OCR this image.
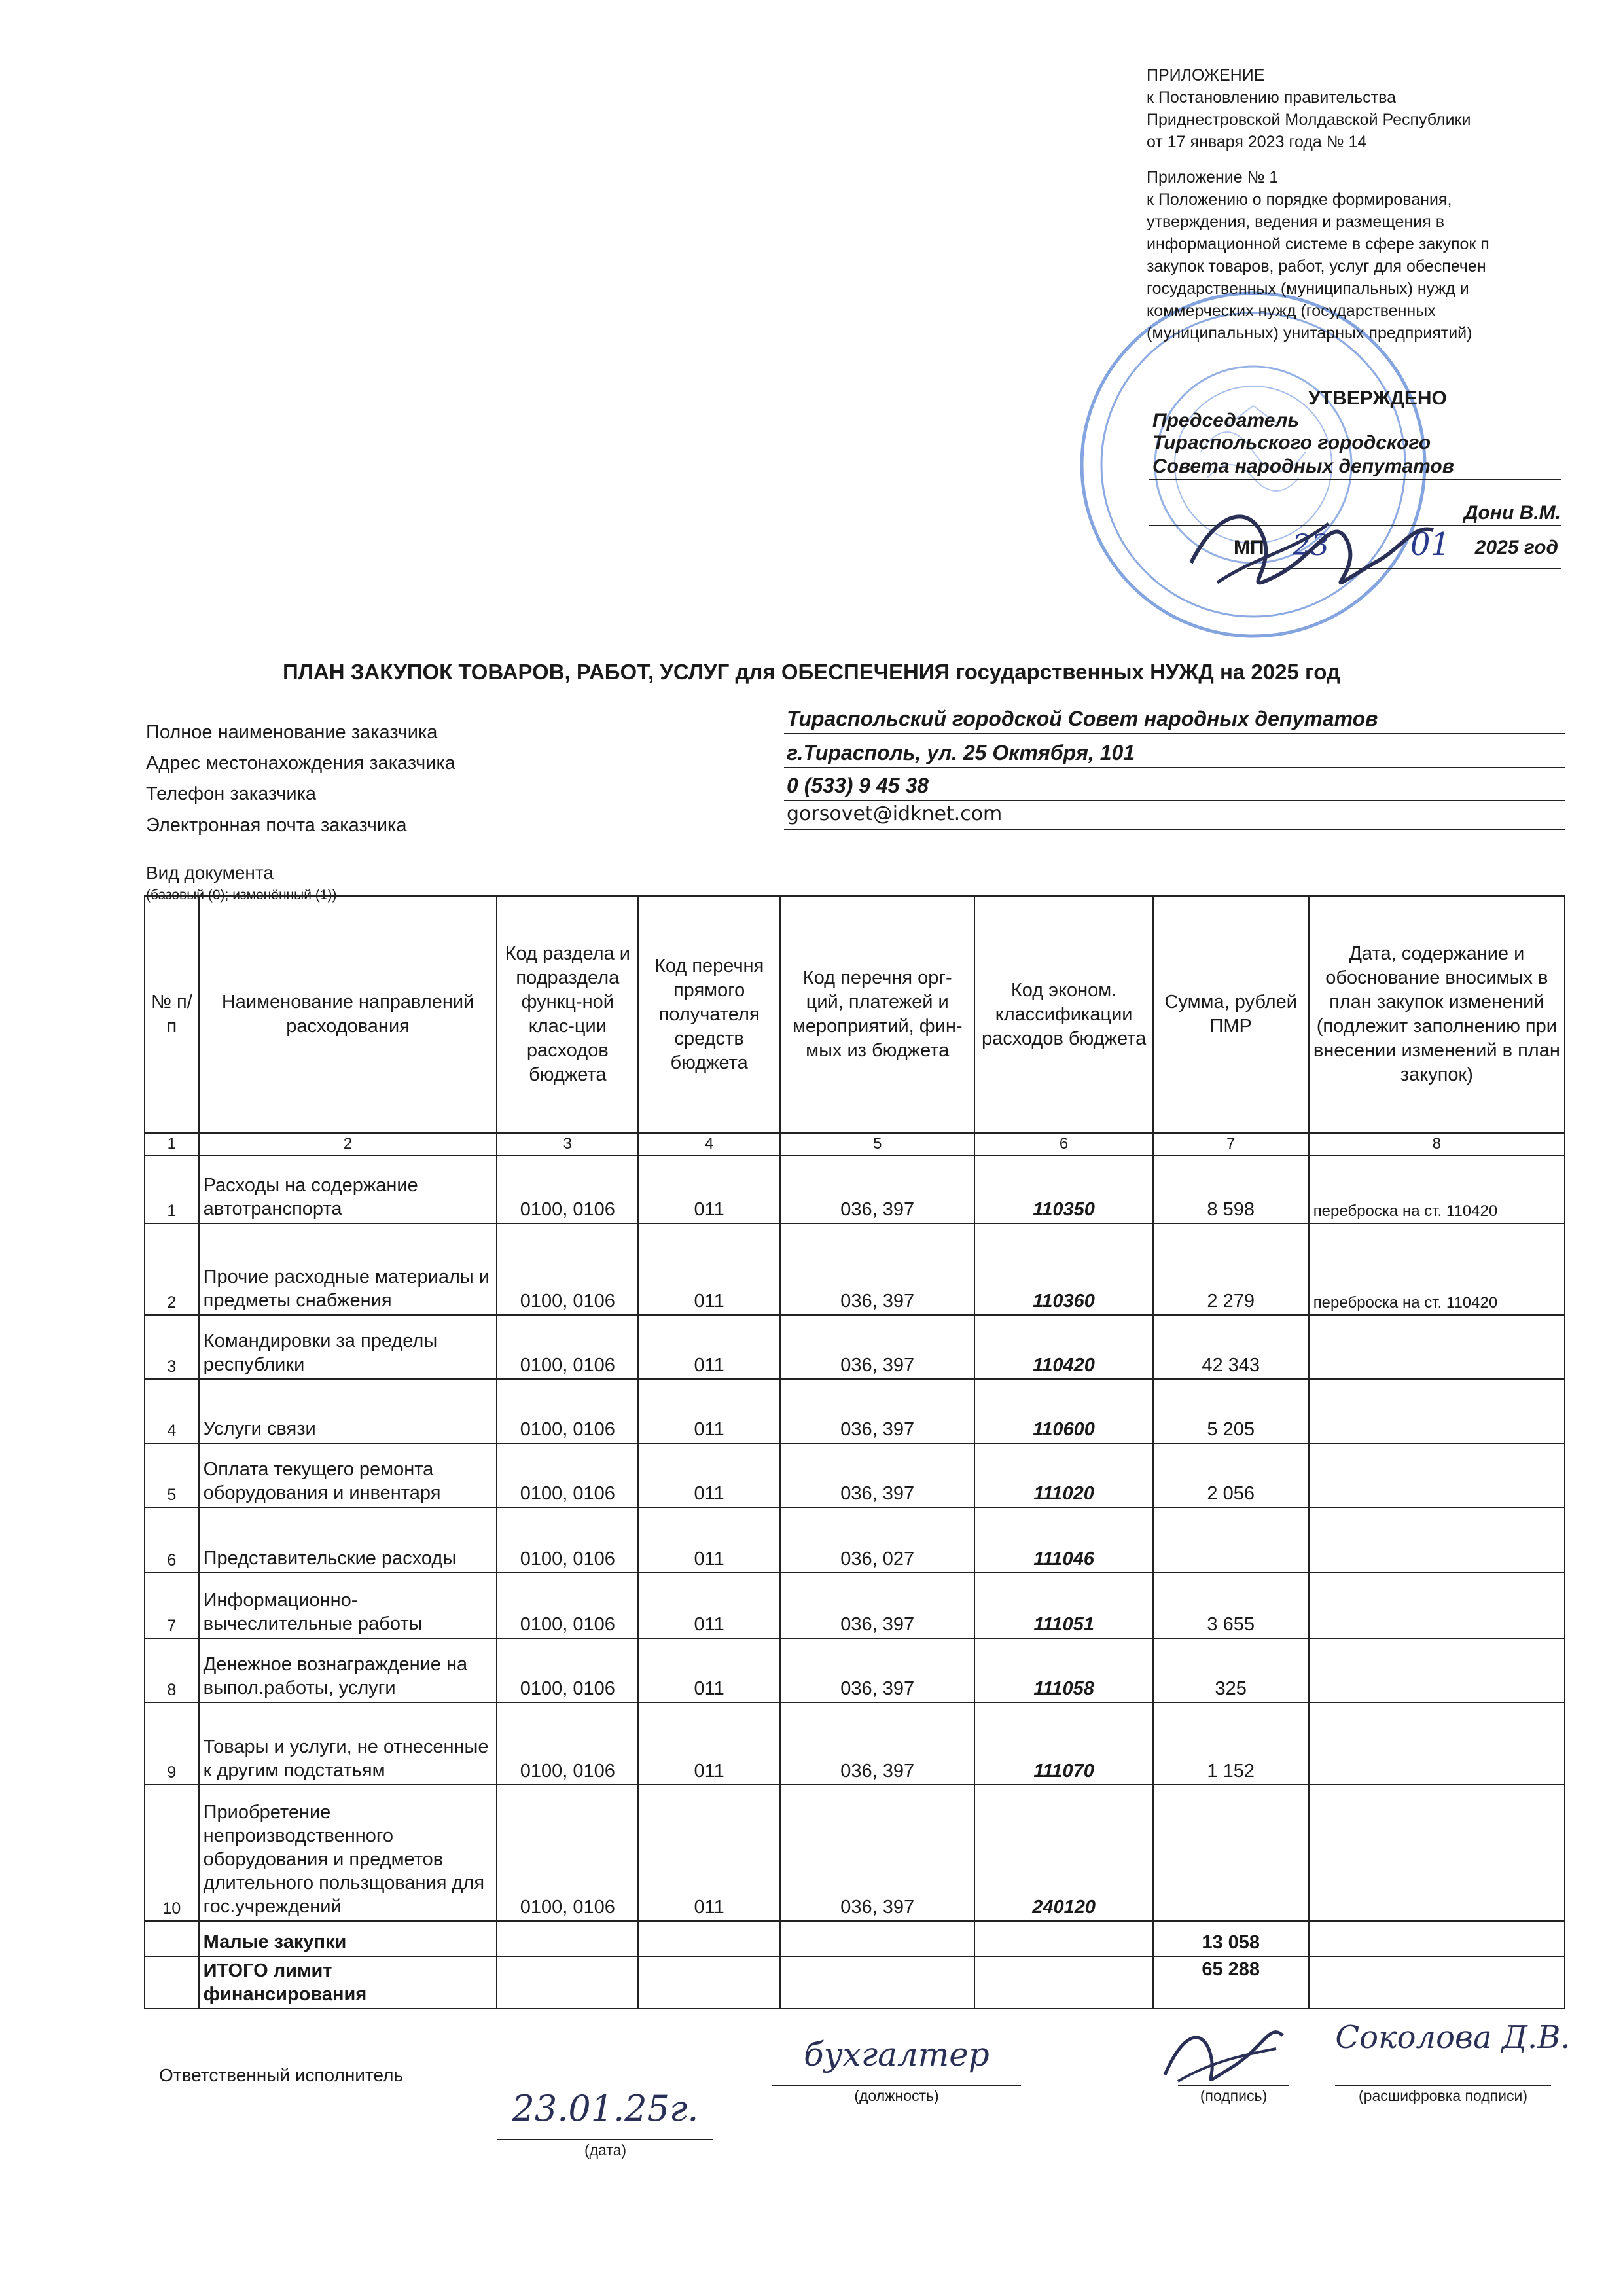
ПРИЛОЖЕНИЕ
к Постановлению правительства
Приднестровской Молдавской Республики
от 17 января 2023 года № 14
Приложение № 1
к Положению о порядке формирования,
утверждения, ведения и размещения в
информационной системе в сфере закупок п
закупок товаров, работ, услуг для обеспечен
государственных (муниципальных) нужд и
коммерческих нужд (государственных
(муниципальных) унитарных предприятий)
УТВЕРЖДЕНО
Председатель
Тираспольского городского
Совета народных депутатов
Дони В.М.
МП 23	01 2025 год
ПЛАН ЗАКУПОК ТОВАРОВ, РАБОТ, УСЛУГ для ОБЕСПЕЧЕНИЯ государственных НУЖД на 2025 год
Полное наименование заказчика
Тираспольский городской Совет народных депутатов
Адрес местонахождения заказчика	г.Тирасполь, ул. 25 Октября, 101
Телефон заказчика	0 (533) 9 45 38
Электронная почта заказчика	gorsovet@idknet.com
Вид документа
(базовый (0); изменённый (1))
№ п/п	Наименование направлений расходования	Код раздела и подраздела функц-ной клас-ции расходов бюджета	Код перечня прямого получателя средств бюджета	Код перечня орг-ций, платежей и мероприятий, фин-мых из бюджета	Код эконом. классификации расходов бюджета	Сумма, рублей ПМР	Дата, содержание и обоснование вносимых в план закупок изменений (подлежит заполнению при внесении изменений в план закупок)
1	2	3	4	5	6	7	8
1	Расходы на содержание автотранспорта	0100, 0106	011	036, 397	110350	8 598	переброска на ст. 110420
2	Прочие расходные материалы и предметы снабжения	0100, 0106	011	036, 397	110360	2 279	переброска на ст. 110420
3	Командировки за пределы республики	0100, 0106	011	036, 397	110420	42 343	
4	Услуги связи	0100, 0106	011	036, 397	110600	5 205	
5	Оплата текущего ремонта оборудования и инвентаря	0100, 0106	011	036, 397	111020	2 056	
6	Представительские расходы	0100, 0106	011	036, 027	111046		
7	Информационно-вычеслительные работы	0100, 0106	011	036, 397	111051	3 655	
8	Денежное вознаграждение на выпол.работы, услуги	0100, 0106	011	036, 397	111058	325	
9	Товары и услуги, не отнесенные к другим подстатьям	0100, 0106	011	036, 397	111070	1 152	
10	Приобретение непроизводственного оборудования и предметов длительного пользщования для гос.учреждений	0100, 0106	011	036, 397	240120		
	Малые закупки					13 058	
	ИТОГО лимит финансирования					65 288	
Ответственный исполнитель
бухгалтер
(должность)	(подпись)
Соколова Д.В.
(расшифровка подписи)
23.01.25г.
(дата)
